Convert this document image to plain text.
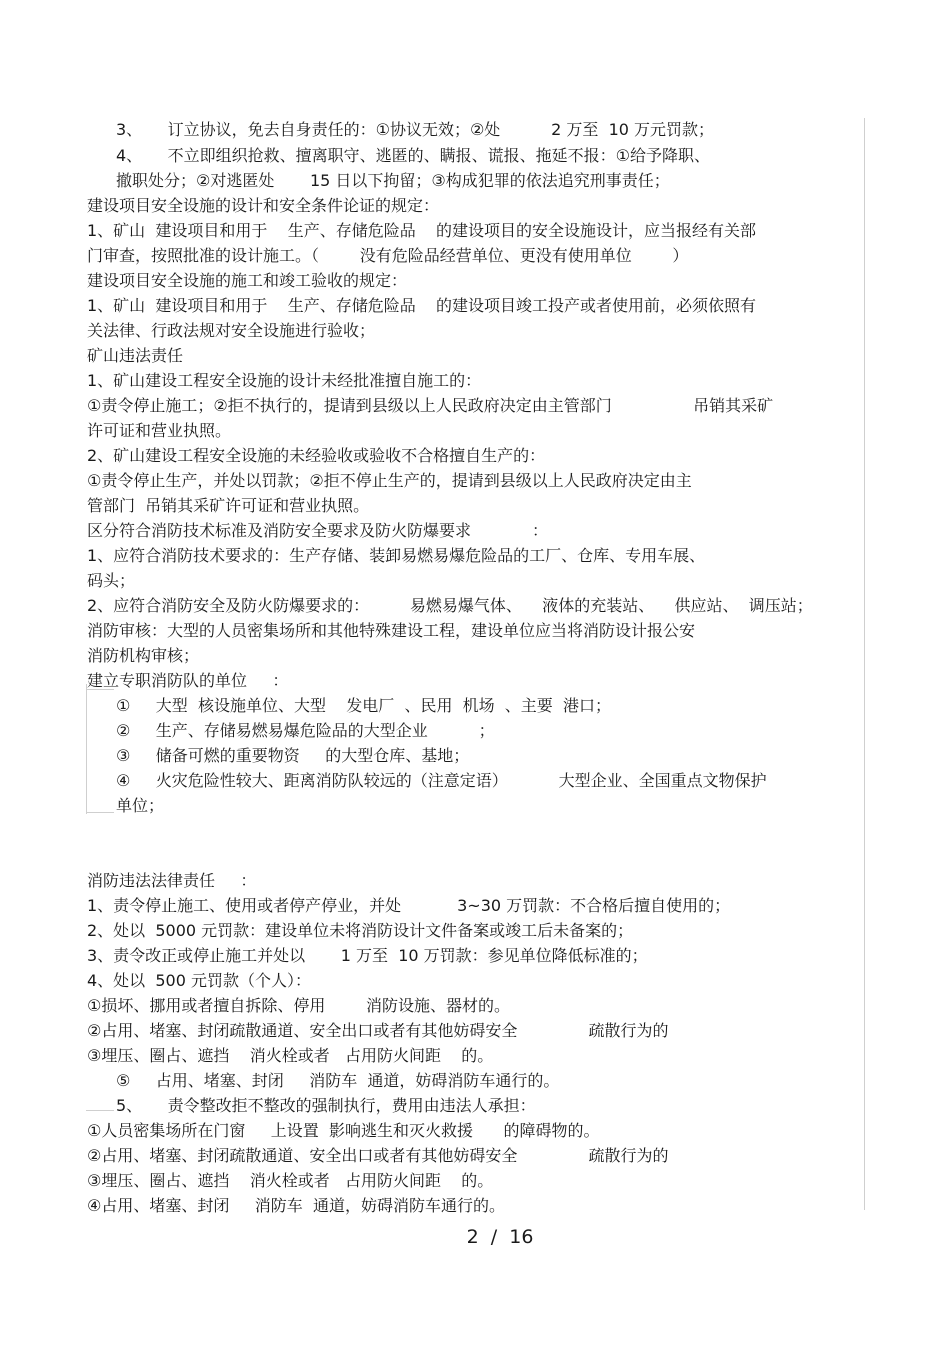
3、     订立协议，免去自身责任的：①协议无效；②处          2 万至  10 万元罚款；
4、     不立即组织抢救、擅离职守、逃匿的、瞒报、谎报、拖延不报：①给予降职、
撤职处分；②对逃匿处       15 日以下拘留；③构成犯罪的依法追究刑事责任；
建设项目安全设施的设计和安全条件论证的规定：
1、矿山  建设项目和用于    生产、存储危险品    的建设项目的安全设施设计，应当报经有关部
门审查，按照批准的设计施工。（        没有危险品经营单位、更没有使用单位        ）
建设项目安全设施的施工和竣工验收的规定：
1、矿山  建设项目和用于    生产、存储危险品    的建设项目竣工投产或者使用前，必须依照有
关法律、行政法规对安全设施进行验收；
矿山违法责任
1、矿山建设工程安全设施的设计未经批准擅自施工的：
①责令停止施工；②拒不执行的，提请到县级以上人民政府决定由主管部门                吊销其采矿
许可证和营业执照。
2、矿山建设工程安全设施的未经验收或验收不合格擅自生产的：
①责令停止生产，并处以罚款；②拒不停止生产的，提请到县级以上人民政府决定由主
管部门  吊销其采矿许可证和营业执照。
区分符合消防技术标准及消防安全要求及防火防爆要求            ：
1、应符合消防技术要求的：生产存储、装卸易燃易爆危险品的工厂、仓库、专用车展、
码头；
2、应符合消防安全及防火防爆要求的：        易燃易爆气体、    液体的充装站、    供应站、  调压站；
消防审核：大型的人员密集场所和其他特殊建设工程，建设单位应当将消防设计报公安
消防机构审核；
建立专职消防队的单位     ：
①     大型  核设施单位、大型    发电厂  、民用  机场  、主要  港口；
②     生产、存储易燃易爆危险品的大型企业          ；
③     储备可燃的重要物资     的大型仓库、基地；
④     火灾危险性较大、距离消防队较远的（注意定语）          大型企业、全国重点文物保护
单位；
消防违法法律责任     ：
1、责令停止施工、使用或者停产停业，并处           3~30 万罚款：不合格后擅自使用的；
2、处以  5000 元罚款：建设单位未将消防设计文件备案或竣工后未备案的；
3、责令改正或停止施工并处以       1 万至  10 万罚款：参见单位降低标准的；
4、处以  500 元罚款（个人）：
①损坏、挪用或者擅自拆除、停用        消防设施、器材的。
②占用、堵塞、封闭疏散通道、安全出口或者有其他妨碍安全              疏散行为的
③埋压、圈占、遮挡    消火栓或者   占用防火间距    的。
⑤     占用、堵塞、封闭     消防车  通道，妨碍消防车通行的。
5、     责令整改拒不整改的强制执行，费用由违法人承担：
①人员密集场所在门窗     上设置  影响逃生和灭火救援      的障碍物的。
②占用、堵塞、封闭疏散通道、安全出口或者有其他妨碍安全              疏散行为的
③埋压、圈占、遮挡    消火栓或者   占用防火间距    的。
④占用、堵塞、封闭     消防车  通道，妨碍消防车通行的。
2  /  16
